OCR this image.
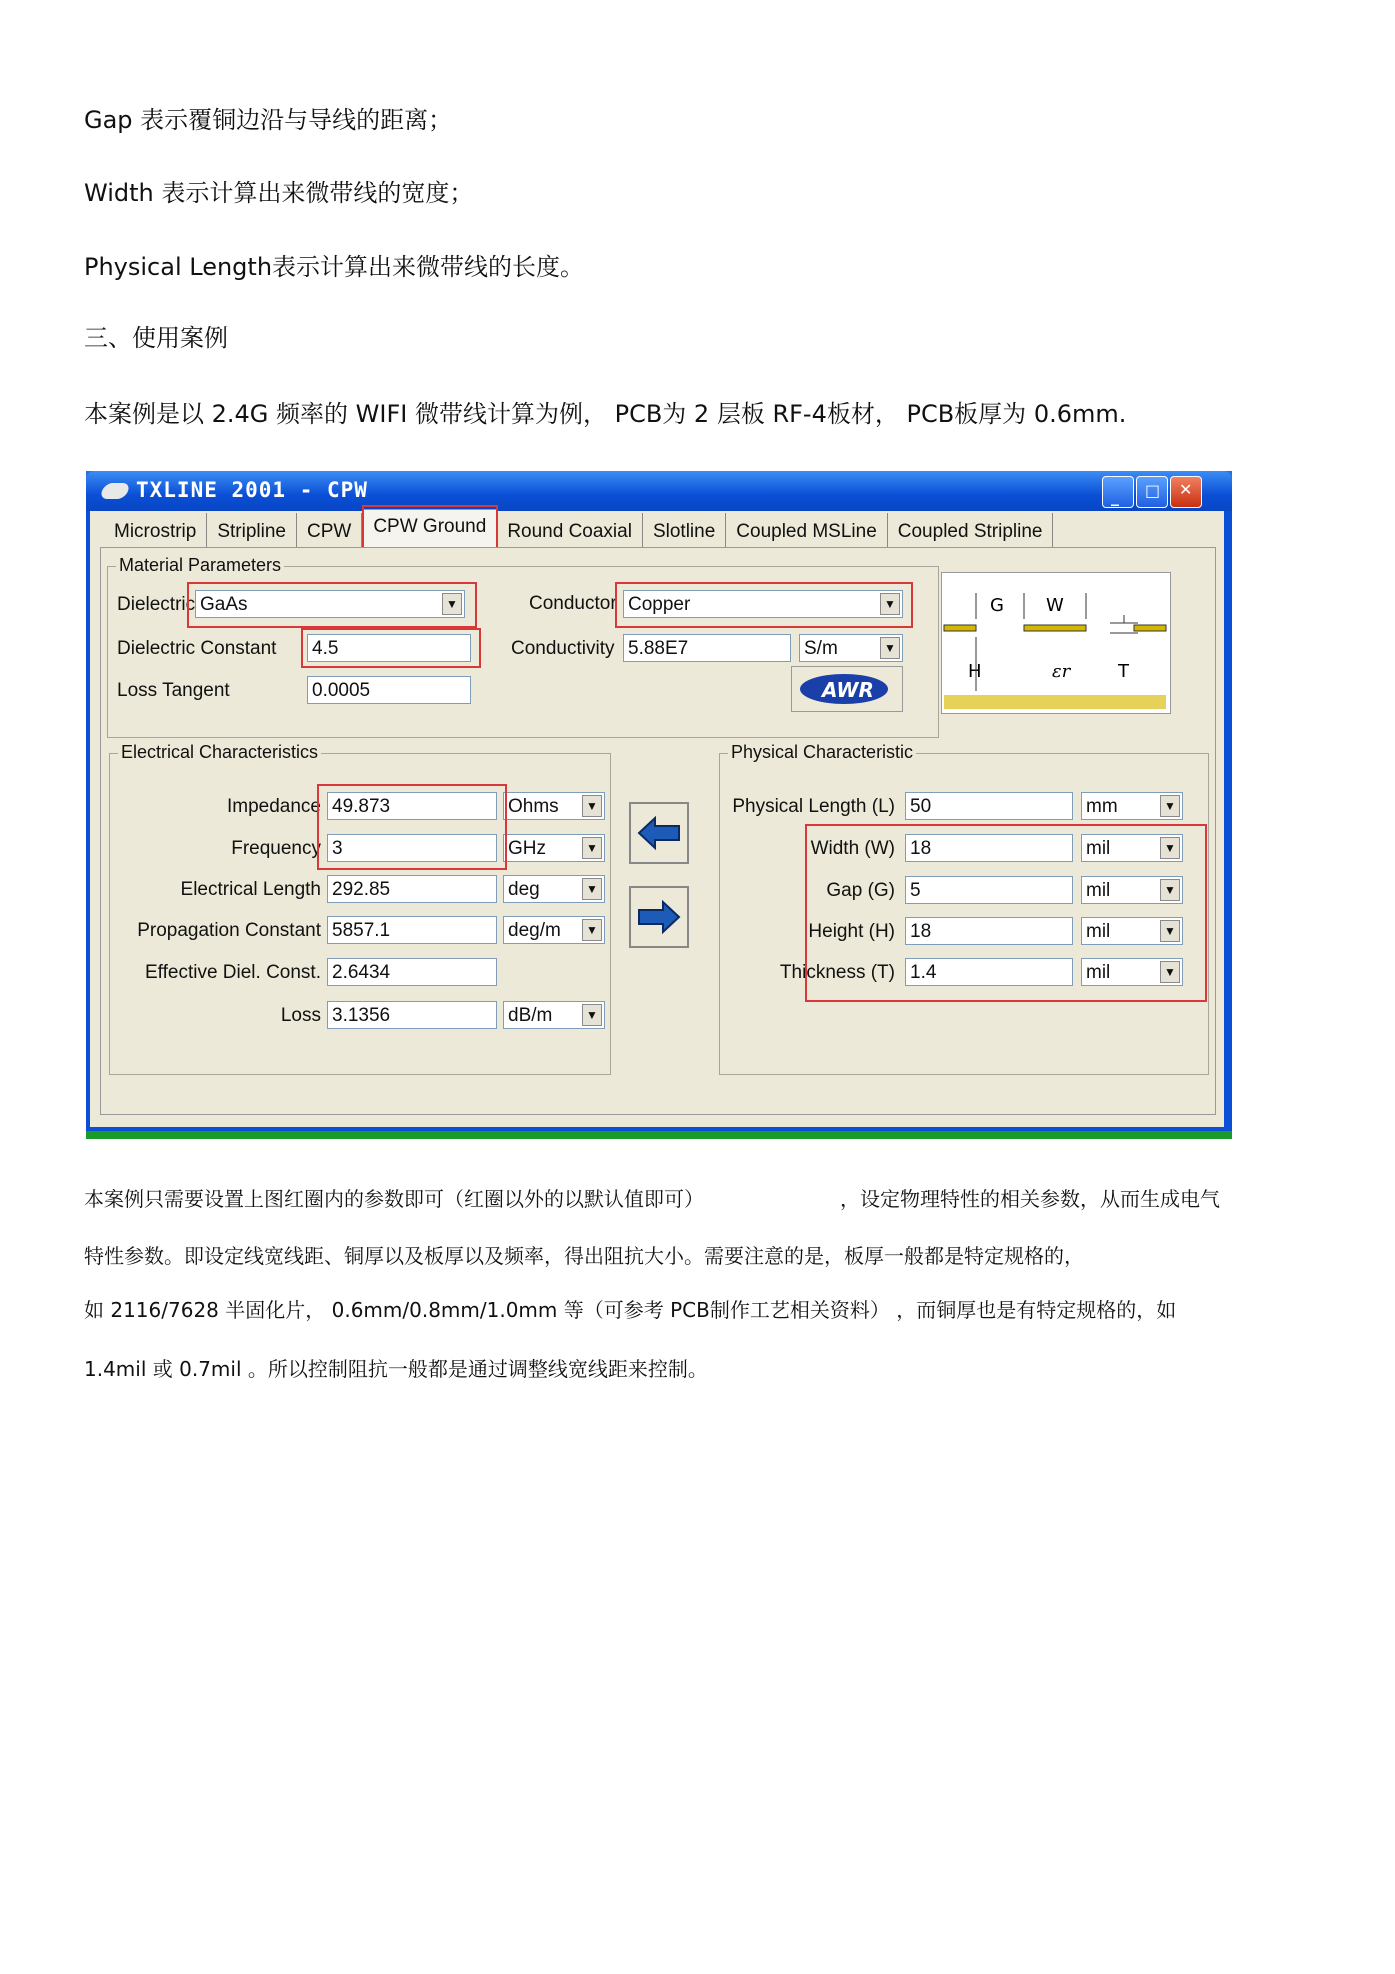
Gap 表示覆铜边沿与导线的距离；
Width 表示计算出来微带线的宽度；
Physical Length表示计算出来微带线的长度。
三、使用案例
本案例是以 2.4G 频率的 WIFI 微带线计算为例， PCB为 2 层板 RF-4板材， PCB板厚为 0.6mm.
TXLINE 2001 - CPW	_ □ ✕
Microstrip	Stripline	CPW	CPW Ground	Round Coaxial	Slotline	Coupled MSLine	Coupled Stripline
Material Parameters
Dielectric GaAs	▼	Conductor Copper	▼
Dielectric Constant 4.5	Conductivity 5.88E7	S/m	▼
Loss Tangent	0.0005	AWR
G W
H	εr	T
Electrical Characteristics
Impedance 49.873	Ohms	▼
Frequency 3	GHz	▼
Electrical Length 292.85	deg	▼
Propagation Constant 5857.1	deg/m	▼
Effective Diel. Const. 2.6434
Loss 3.1356	dB/m	▼
Physical Characteristic
Physical Length (L) 50	mm	▼
Width (W) 18	mil	▼
Gap (G) 5	mil	▼
Height (H) 18	mil	▼
Thickness (T) 1.4	mil	▼
本案例只需要设置上图红圈内的参数即可（红圈以外的以默认值即可）	，设定物理特性的相关参数，从而生成电气
特性参数。即设定线宽线距、铜厚以及板厚以及频率，得出阻抗大小。需要注意的是，板厚一般都是特定规格的，
如 2116/7628 半固化片， 0.6mm/0.8mm/1.0mm 等（可参考 PCB制作工艺相关资料） ，而铜厚也是有特定规格的，如
1.4mil 或 0.7mil 。所以控制阻抗一般都是通过调整线宽线距来控制。
